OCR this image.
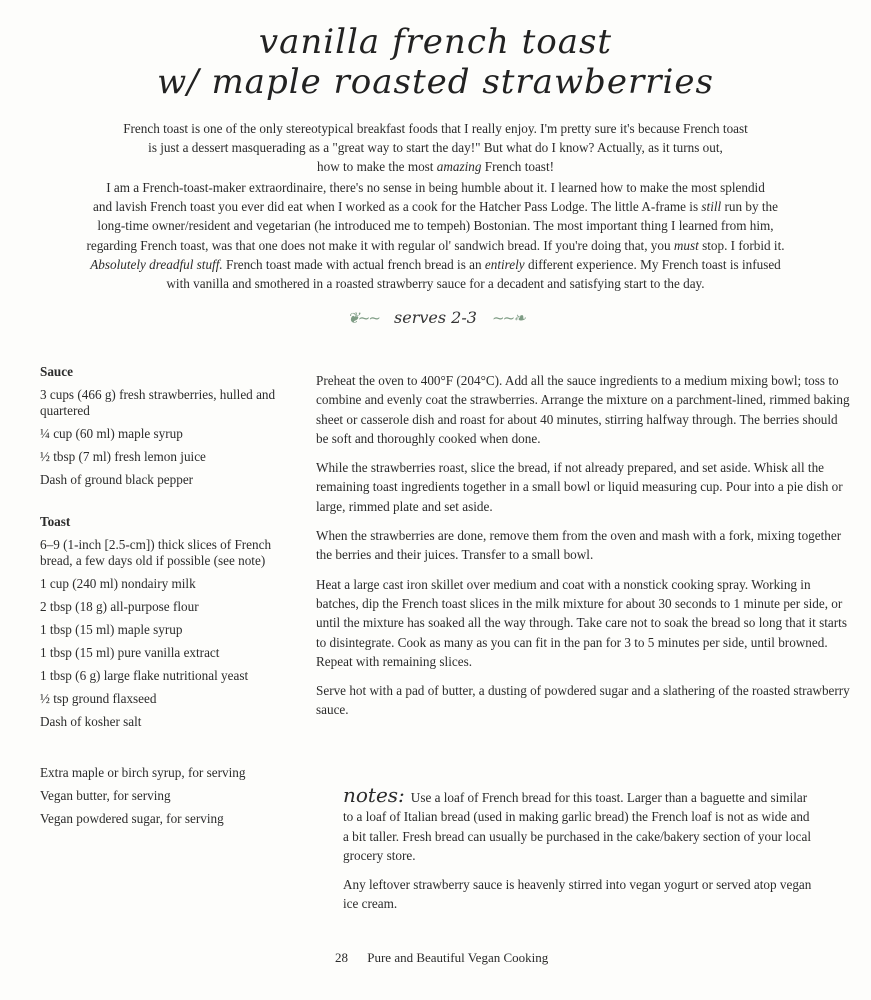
vanilla french toast
w/ maple roasted strawberries
French toast is one of the only stereotypical breakfast foods that I really enjoy. I'm pretty sure it's because French toast
is just a dessert masquerading as a "great way to start the day!" But what do I know? Actually, as it turns out,
how to make the most amazing French toast!
I am a French-toast-maker extraordinaire, there's no sense in being humble about it. I learned how to make the most splendid
and lavish French toast you ever did eat when I worked as a cook for the Hatcher Pass Lodge. The little A-frame is still run by the
long-time owner/resident and vegetarian (he introduced me to tempeh) Bostonian. The most important thing I learned from him,
regarding French toast, was that one does not make it with regular ol' sandwich bread. If you're doing that, you must stop. I forbid it.
Absolutely dreadful stuff. French toast made with actual french bread is an entirely different experience. My French toast is infused
with vanilla and smothered in a roasted strawberry sauce for a decadent and satisfying start to the day.
❦~~ serves 2-3 ~~❧
Sauce
3 cups (466 g) fresh strawberries, hulled and quartered
¼ cup (60 ml) maple syrup
½ tbsp (7 ml) fresh lemon juice
Dash of ground black pepper
Toast
6–9 (1-inch [2.5-cm]) thick slices of French bread, a few days old if possible (see note)
1 cup (240 ml) nondairy milk
2 tbsp (18 g) all-purpose flour
1 tbsp (15 ml) maple syrup
1 tbsp (15 ml) pure vanilla extract
1 tbsp (6 g) large flake nutritional yeast
½ tsp ground flaxseed
Dash of kosher salt
Extra maple or birch syrup, for serving
Vegan butter, for serving
Vegan powdered sugar, for serving

Preheat the oven to 400°F (204°C). Add all the sauce ingredients to a medium mixing bowl; toss to combine and evenly coat the strawberries. Arrange the mixture on a parchment-lined, rimmed baking sheet or casserole dish and roast for about 40 minutes, stirring halfway through. The berries should be soft and thoroughly cooked when done.

While the strawberries roast, slice the bread, if not already prepared, and set aside. Whisk all the remaining toast ingredients together in a small bowl or liquid measuring cup. Pour into a pie dish or large, rimmed plate and set aside.

When the strawberries are done, remove them from the oven and mash with a fork, mixing together the berries and their juices. Transfer to a small bowl.

Heat a large cast iron skillet over medium and coat with a nonstick cooking spray. Working in batches, dip the French toast slices in the milk mixture for about 30 seconds to 1 minute per side, or until the mixture has soaked all the way through. Take care not to soak the bread so long that it starts to disintegrate. Cook as many as you can fit in the pan for 3 to 5 minutes per side, until browned. Repeat with remaining slices.

Serve hot with a pad of butter, a dusting of powdered sugar and a slathering of the roasted strawberry sauce.

notes: Use a loaf of French bread for this toast. Larger than a baguette and similar to a loaf of Italian bread (used in making garlic bread) the French loaf is not as wide and a bit taller. Fresh bread can usually be purchased in the cake/bakery section of your local grocery store.

Any leftover strawberry sauce is heavenly stirred into vegan yogurt or served atop vegan ice cream.

28 Pure and Beautiful Vegan Cooking
